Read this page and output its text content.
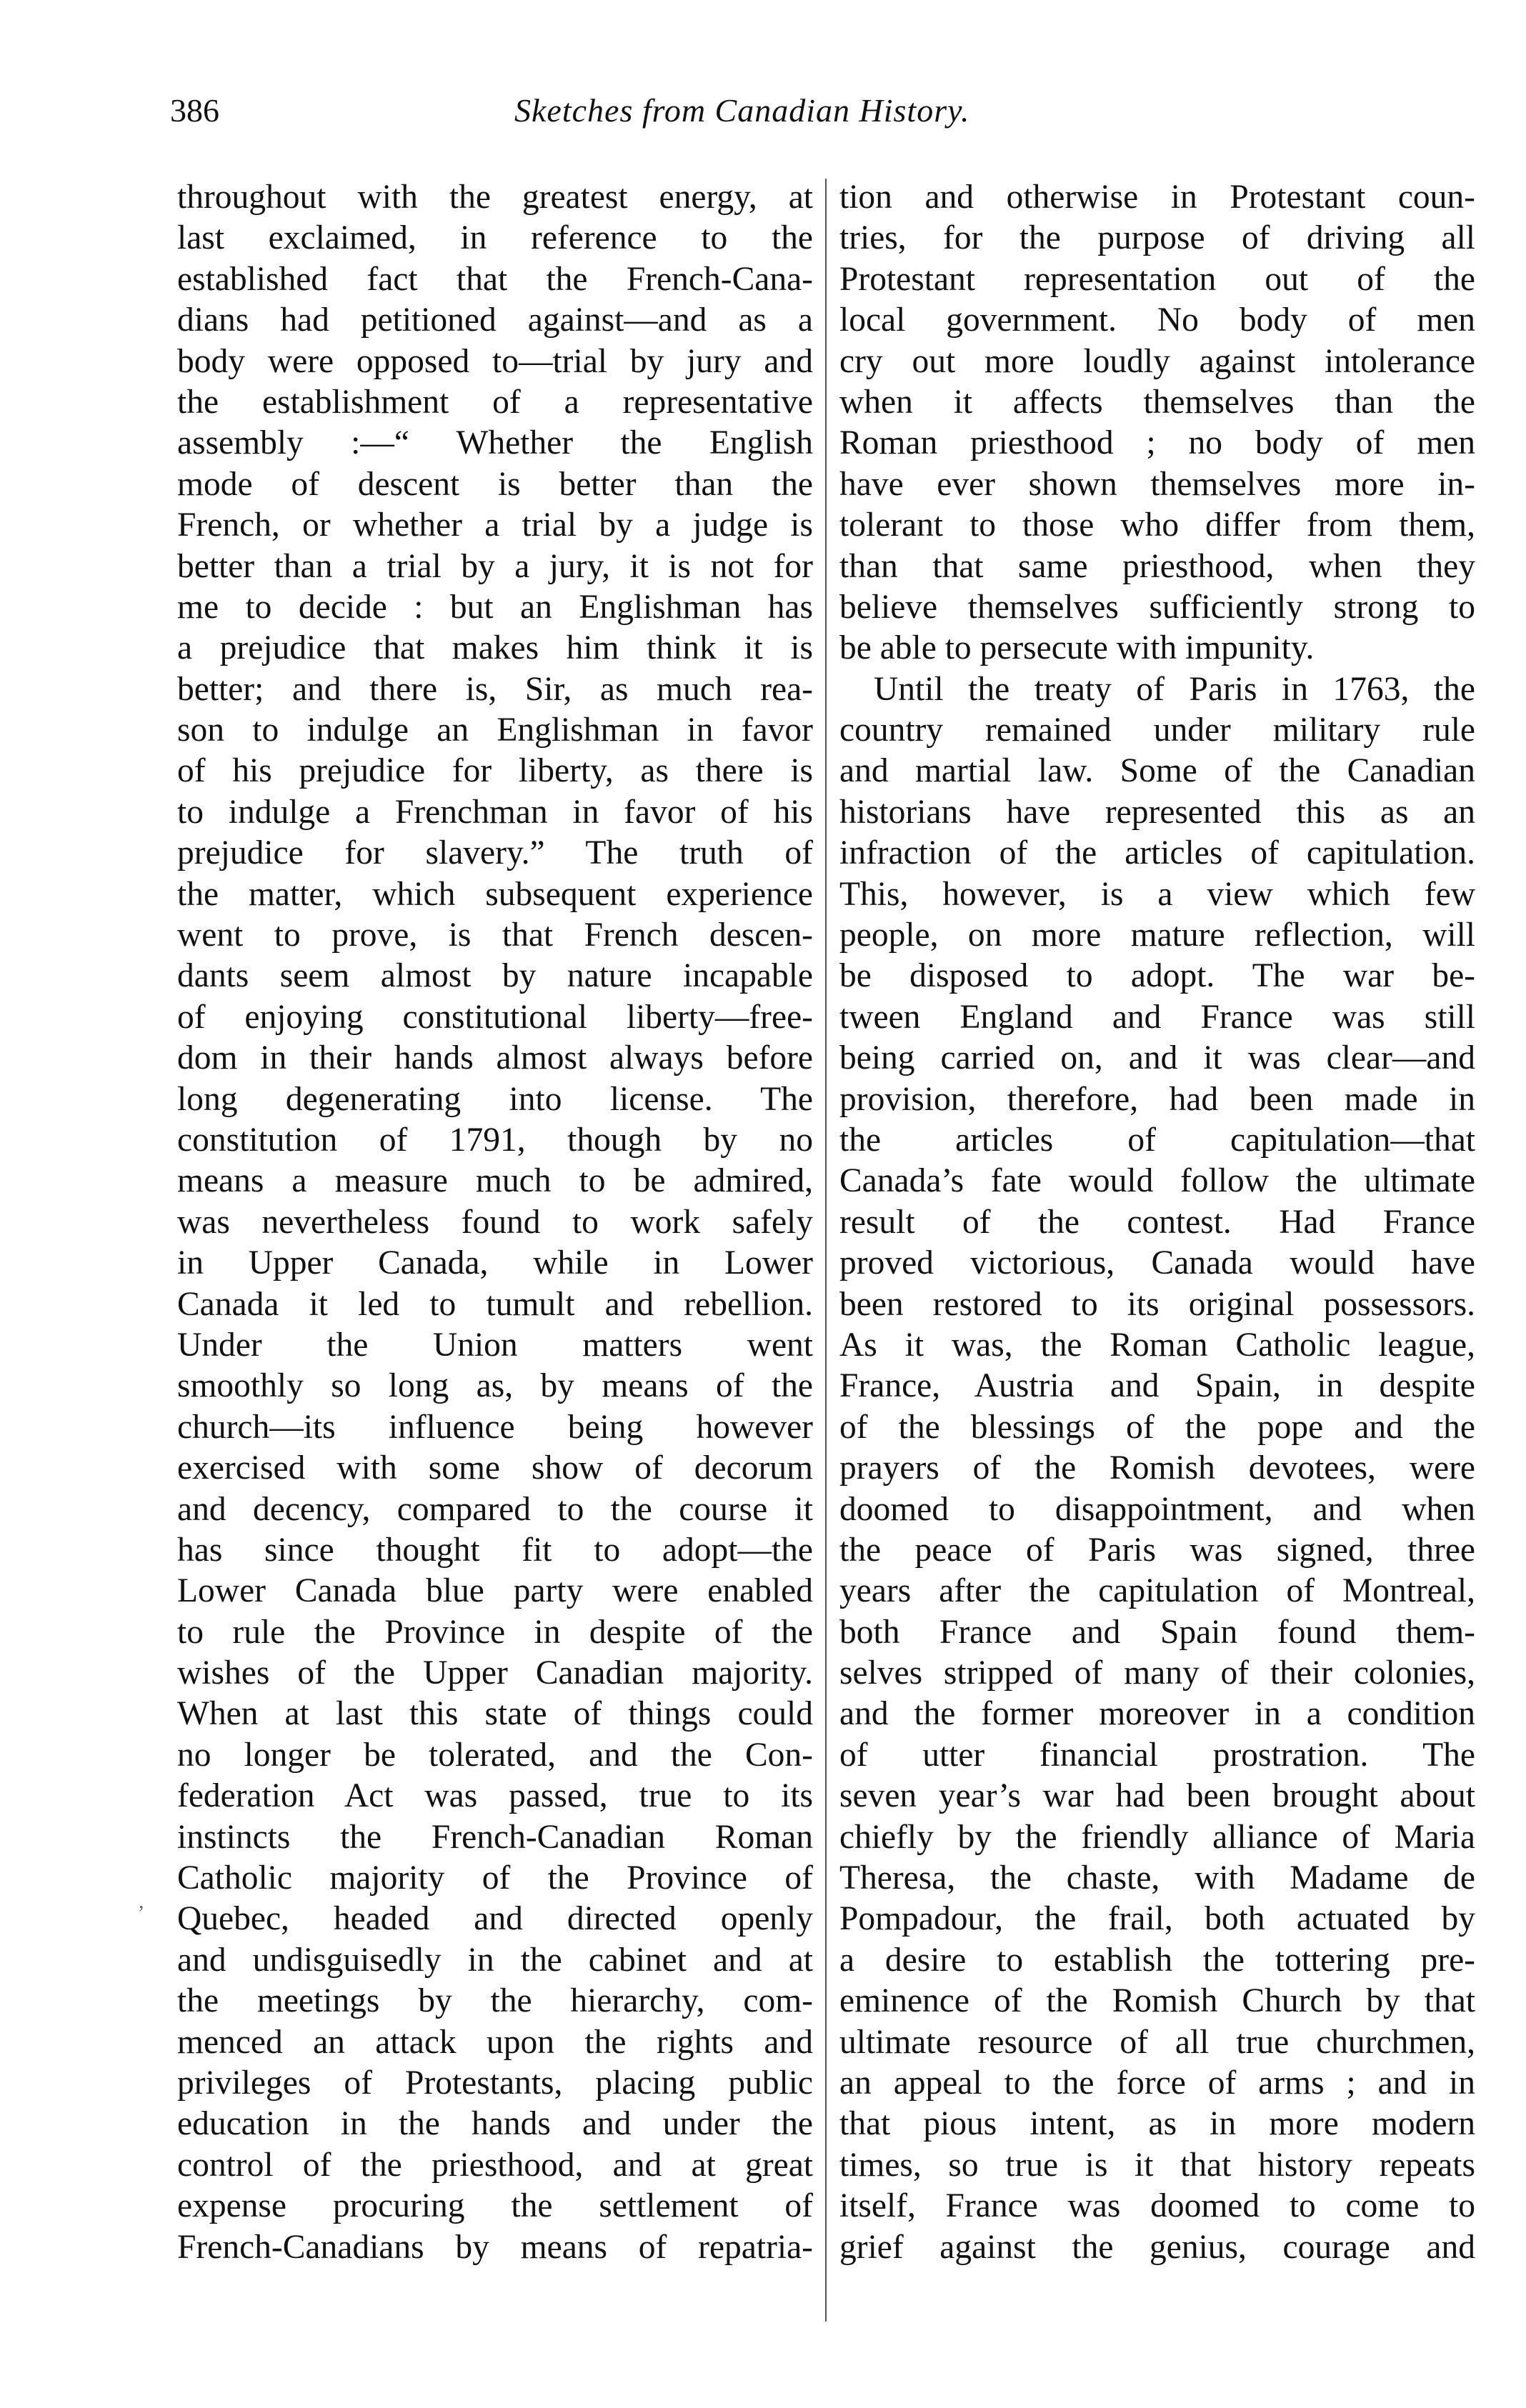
386	Sketches from Canadian History.
throughout with the greatest energy, at
last exclaimed, in reference to the
established fact that the French-Cana-
dians had petitioned against—and as a
body were opposed to—trial by jury and
the establishment of a representative
assembly :—“ Whether the English
mode of descent is better than the
French, or whether a trial by a judge is
better than a trial by a jury, it is not for
me to decide : but an Englishman has
a prejudice that makes him think it is
better; and there is, Sir, as much rea-
son to indulge an Englishman in favor
of his prejudice for liberty, as there is
to indulge a Frenchman in favor of his
prejudice for slavery.” The truth of
the matter, which subsequent experience
went to prove, is that French descen-
dants seem almost by nature incapable
of enjoying constitutional liberty—free-
dom in their hands almost always before
long degenerating into license. The
constitution of 1791, though by no
means a measure much to be admired,
was nevertheless found to work safely
in Upper Canada, while in Lower
Canada it led to tumult and rebellion.
Under the Union matters went
smoothly so long as, by means of the
church—its influence being however
exercised with some show of decorum
and decency, compared to the course it
has since thought fit to adopt—the
Lower Canada blue party were enabled
to rule the Province in despite of the
wishes of the Upper Canadian majority.
When at last this state of things could
no longer be tolerated, and the Con-
federation Act was passed, true to its
instincts the French-Canadian Roman
Catholic majority of the Province of
Quebec, headed and directed openly
and undisguisedly in the cabinet and at
the meetings by the hierarchy, com-
menced an attack upon the rights and
privileges of Protestants, placing public
education in the hands and under the
control of the priesthood, and at great
expense procuring the settlement of
French-Canadians by means of repatria-
tion and otherwise in Protestant coun-
tries, for the purpose of driving all
Protestant representation out of the
local government. No body of men
cry out more loudly against intolerance
when it affects themselves than the
Roman priesthood ; no body of men
have ever shown themselves more in-
tolerant to those who differ from them,
than that same priesthood, when they
believe themselves sufficiently strong to
be able to persecute with impunity.
Until the treaty of Paris in 1763, the
country remained under military rule
and martial law. Some of the Canadian
historians have represented this as an
infraction of the articles of capitulation.
This, however, is a view which few
people, on more mature reflection, will
be disposed to adopt. The war be-
tween England and France was still
being carried on, and it was clear—and
provision, therefore, had been made in
the articles of capitulation—that
Canada’s fate would follow the ultimate
result of the contest. Had France
proved victorious, Canada would have
been restored to its original possessors.
As it was, the Roman Catholic league,
France, Austria and Spain, in despite
of the blessings of the pope and the
prayers of the Romish devotees, were
doomed to disappointment, and when
the peace of Paris was signed, three
years after the capitulation of Montreal,
both France and Spain found them-
selves stripped of many of their colonies,
and the former moreover in a condition
of utter financial prostration. The
seven year’s war had been brought about
chiefly by the friendly alliance of Maria
Theresa, the chaste, with Madame de
Pompadour, the frail, both actuated by
a desire to establish the tottering pre-
eminence of the Romish Church by that
ultimate resource of all true churchmen,
an appeal to the force of arms ; and in
that pious intent, as in more modern
times, so true is it that history repeats
itself, France was doomed to come to
grief against the genius, courage and
,
